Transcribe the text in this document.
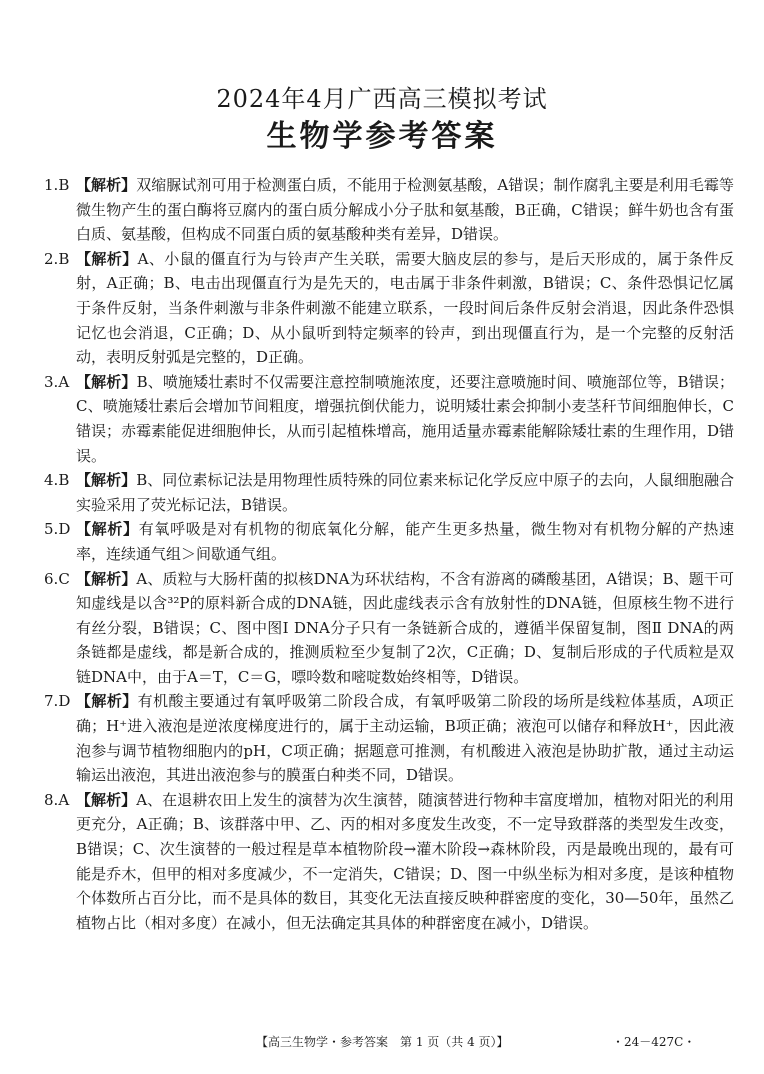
2024年4月广西高三模拟考试
生物学参考答案
1.B 【解析】双缩脲试剂可用于检测蛋白质，不能用于检测氨基酸，A错误；制作腐乳主要是利用毛霉等微生物产生的蛋白酶将豆腐内的蛋白质分解成小分子肽和氨基酸，B正确，C错误；鲜牛奶也含有蛋白质、氨基酸，但构成不同蛋白质的氨基酸种类有差异，D错误。

2.B 【解析】A、小鼠的僵直行为与铃声产生关联，需要大脑皮层的参与，是后天形成的，属于条件反射，A正确；B、电击出现僵直行为是先天的，电击属于非条件刺激，B错误；C、条件恐惧记忆属于条件反射，当条件刺激与非条件刺激不能建立联系，一段时间后条件反射会消退，因此条件恐惧记忆也会消退，C正确；D、从小鼠听到特定频率的铃声，到出现僵直行为，是一个完整的反射活动，表明反射弧是完整的，D正确。

3.A 【解析】B、喷施矮壮素时不仅需要注意控制喷施浓度，还要注意喷施时间、喷施部位等，B错误；C、喷施矮壮素后会增加节间粗度，增强抗倒伏能力，说明矮壮素会抑制小麦茎秆节间细胞伸长，C错误；赤霉素能促进细胞伸长，从而引起植株增高，施用适量赤霉素能解除矮壮素的生理作用，D错误。

4.B 【解析】B、同位素标记法是用物理性质特殊的同位素来标记化学反应中原子的去向，人鼠细胞融合实验采用了荧光标记法，B错误。

5.D 【解析】有氧呼吸是对有机物的彻底氧化分解，能产生更多热量，微生物对有机物分解的产热速率，连续通气组＞间歇通气组。

6.C 【解析】A、质粒与大肠杆菌的拟核DNA为环状结构，不含有游离的磷酸基团，A错误；B、题干可知虚线是以含³²P的原料新合成的DNA链，因此虚线表示含有放射性的DNA链，但原核生物不进行有丝分裂，B错误；C、图中图Ⅰ DNA分子只有一条链新合成的，遵循半保留复制，图Ⅱ DNA的两条链都是虚线，都是新合成的，推测质粒至少复制了2次，C正确；D、复制后形成的子代质粒是双链DNA中，由于A＝T，C＝G，嘌呤数和嘧啶数始终相等，D错误。

7.D 【解析】有机酸主要通过有氧呼吸第二阶段合成，有氧呼吸第二阶段的场所是线粒体基质，A项正确；H⁺进入液泡是逆浓度梯度进行的，属于主动运输，B项正确；液泡可以储存和释放H⁺，因此液泡参与调节植物细胞内的pH，C项正确；据题意可推测，有机酸进入液泡是协助扩散，通过主动运输运出液泡，其进出液泡参与的膜蛋白种类不同，D错误。

8.A 【解析】A、在退耕农田上发生的演替为次生演替，随演替进行物种丰富度增加，植物对阳光的利用更充分，A正确；B、该群落中甲、乙、丙的相对多度发生改变，不一定导致群落的类型发生改变，B错误；C、次生演替的一般过程是草本植物阶段→灌木阶段→森林阶段，丙是最晚出现的，最有可能是乔木，但甲的相对多度减少，不一定消失，C错误；D、图一中纵坐标为相对多度，是该种植物个体数所占百分比，而不是具体的数目，其变化无法直接反映种群密度的变化，30—50年，虽然乙植物占比（相对多度）在减小，但无法确定其具体的种群密度在减小，D错误。

【高三生物学・参考答案　第 1 页（共 4 页）】	・24－427C・
